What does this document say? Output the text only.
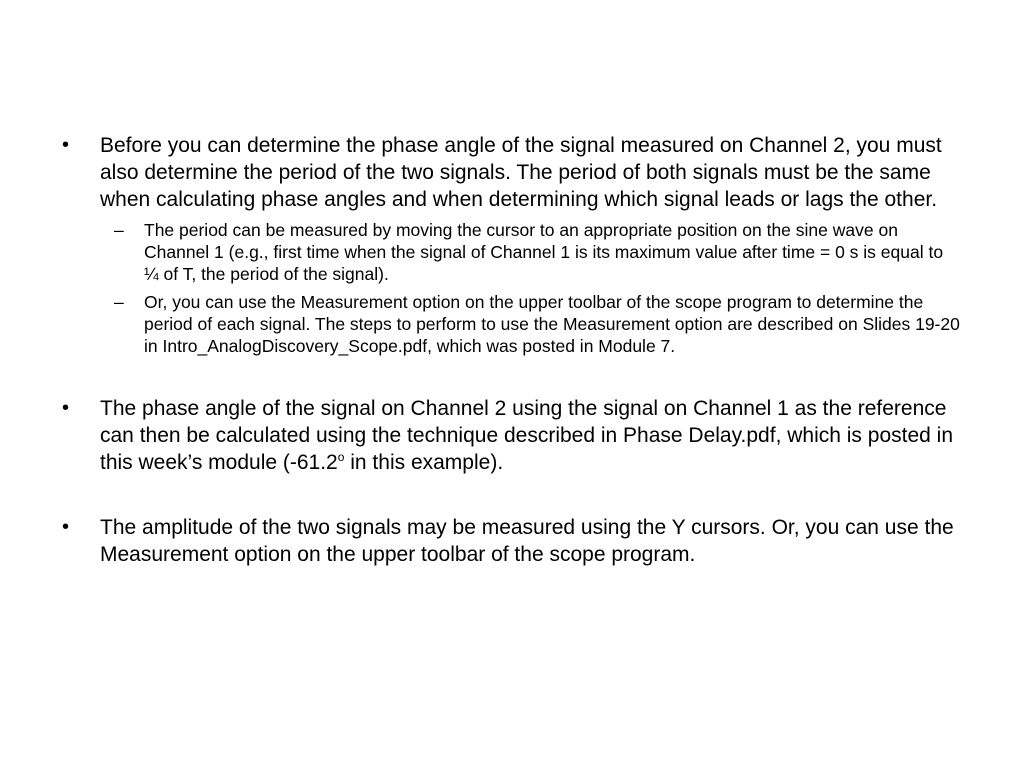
•	Before you can determine the phase angle of the signal measured on Channel 2, you must also determine the period of the two signals. The period of both signals must be the same when calculating phase angles and when determining which signal leads or lags the other.
–	The period can be measured by moving the cursor to an appropriate position on the sine wave on Channel 1 (e.g., first time when the signal of Channel 1 is its maximum value after time = 0 s is equal to ¼ of T, the period of the signal).
–	Or, you can use the Measurement option on the upper toolbar of the scope program to determine the period of each signal. The steps to perform to use the Measurement option are described on Slides 19-20 in Intro_AnalogDiscovery_Scope.pdf, which was posted in Module 7.
•	The phase angle of the signal on Channel 2 using the signal on Channel 1 as the reference can then be calculated using the technique described in Phase Delay.pdf, which is posted in this week’s module (-61.2$^o$ in this example).
•	The amplitude of the two signals may be measured using the Y cursors. Or, you can use the Measurement option on the upper toolbar of the scope program.
